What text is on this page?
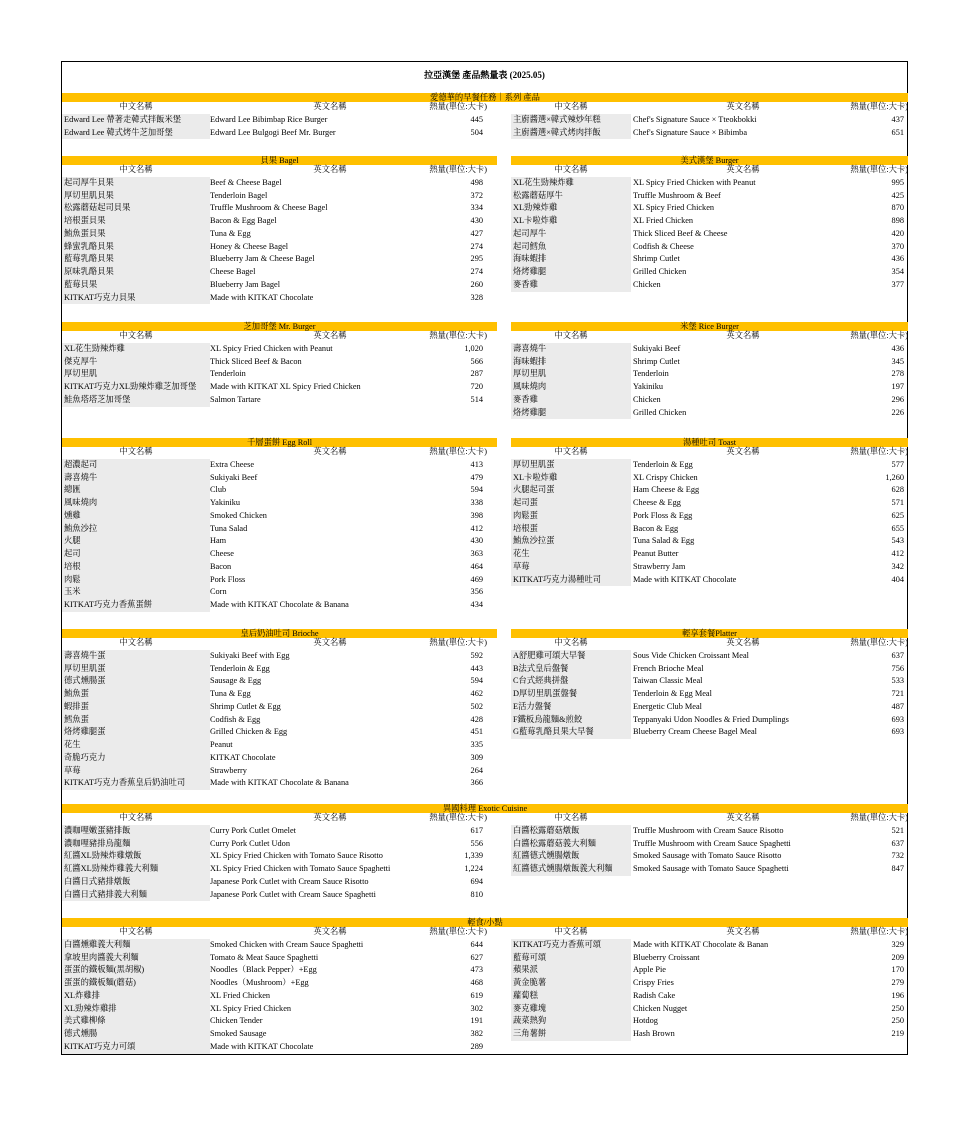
拉亞漢堡 產品熱量表 (2025.05)
愛德華的早餐任務｜系列 產品
中文名稱	英文名稱	熱量(單位:大卡)
Edward Lee 帶著走韓式拌飯米堡	Edward Lee Bibimbap Rice Burger	445
Edward Lee 韓式烤牛芝加哥堡	Edward Lee Bulgogi Beef Mr. Burger	504
中文名稱	英文名稱	熱量(單位:大卡)
主廚醬選×韓式辣炒年糕	Chef's Signature Sauce × Tteokbokki	437
主廚醬選×韓式烤肉拌飯	Chef's Signature Sauce × Bibimba	651
貝果 Bagel
中文名稱	英文名稱	熱量(單位:大卡)
起司厚牛貝果	Beef & Cheese Bagel	498
厚切里肌貝果	Tenderloin Bagel	372
松露蘑菇起司貝果	Truffle Mushroom & Cheese Bagel	334
培根蛋貝果	Bacon & Egg Bagel	430
鮪魚蛋貝果	Tuna & Egg	427
蜂蜜乳酪貝果	Honey & Cheese Bagel	274
藍莓乳酪貝果	Blueberry Jam & Cheese Bagel	295
原味乳酪貝果	Cheese Bagel	274
藍莓貝果	Blueberry Jam Bagel	260
KITKAT巧克力貝果	Made with KITKAT Chocolate	328
美式漢堡 Burger
中文名稱	英文名稱	熱量(單位:大卡)
XL花生勁辣炸雞	XL Spicy Fried Chicken with Peanut	995
松露蘑菇厚牛	Truffle Mushroom & Beef	425
XL勁辣炸雞	XL Spicy Fried Chicken	870
XL卡啦炸雞	XL Fried Chicken	898
起司厚牛	Thick Sliced Beef & Cheese	420
起司鱈魚	Codfish & Cheese	370
海味蝦排	Shrimp Cutlet	436
烙烤雞腿	Grilled Chicken	354
麥香雞	Chicken	377
芝加哥堡 Mr. Burger
中文名稱	英文名稱	熱量(單位:大卡)
XL花生勁辣炸雞	XL Spicy Fried Chicken with Peanut	1,020
傑克厚牛	Thick Sliced Beef & Bacon	566
厚切里肌	Tenderloin	287
KITKAT巧克力XL勁辣炸雞芝加哥堡	Made with KITKAT XL Spicy Fried Chicken	720
鮭魚塔塔芝加哥堡	Salmon Tartare	514
米堡 Rice Burger
中文名稱	英文名稱	熱量(單位:大卡)
壽喜燒牛	Sukiyaki Beef	436
海味蝦排	Shrimp Cutlet	345
厚切里肌	Tenderloin	278
風味燒肉	Yakiniku	197
麥香雞	Chicken	296
烙烤雞腿	Grilled Chicken	226
千層蛋餅 Egg Roll
中文名稱	英文名稱	熱量(單位:大卡)
超濃起司	Extra Cheese	413
壽喜燒牛	Sukiyaki Beef	479
總匯	Club	594
風味燒肉	Yakiniku	338
燻雞	Smoked Chicken	398
鮪魚沙拉	Tuna Salad	412
火腿	Ham	430
起司	Cheese	363
培根	Bacon	464
肉鬆	Pork Floss	469
玉米	Corn	356
KITKAT巧克力香蕉蛋餅	Made with KITKAT Chocolate & Banana	434
湯種吐司 Toast
中文名稱	英文名稱	熱量(單位:大卡)
厚切里肌蛋	Tenderloin & Egg	577
XL卡啦炸雞	XL Crispy Chicken	1,260
火腿起司蛋	Ham Cheese & Egg	628
起司蛋	Cheese & Egg	571
肉鬆蛋	Pork Floss & Egg	625
培根蛋	Bacon & Egg	655
鮪魚沙拉蛋	Tuna Salad & Egg	543
花生	Peanut Butter	412
草莓	Strawberry Jam	342
KITKAT巧克力湯種吐司	Made with KITKAT Chocolate	404
皇后奶油吐司 Brioche
中文名稱	英文名稱	熱量(單位:大卡)
壽喜燒牛蛋	Sukiyaki Beef with Egg	592
厚切里肌蛋	Tenderloin & Egg	443
德式燻腸蛋	Sausage & Egg	594
鮪魚蛋	Tuna & Egg	462
蝦排蛋	Shrimp Cutlet & Egg	502
鱈魚蛋	Codfish & Egg	428
烙烤雞腿蛋	Grilled Chicken & Egg	451
花生	Peanut	335
奇脆巧克力	KITKAT Chocolate	309
草莓	Strawberry	264
KITKAT巧克力香蕉皇后奶油吐司	Made with KITKAT Chocolate & Banana	366
輕享套餐Platter
中文名稱	英文名稱	熱量(單位:大卡)
A舒肥雞可頌大早餐	Sous Vide Chicken Croissant Meal	637
B法式皇后盤餐	French Brioche Meal	756
C台式經典拼盤	Taiwan Classic Meal	533
D厚切里肌蛋盤餐	Tenderloin & Egg Meal	721
E活力盤餐	Energetic Club Meal	487
F鐵板烏龍麵&煎餃	Teppanyaki Udon Noodles & Fried Dumplings	693
G藍莓乳酪貝果大早餐	Blueberry Cream Cheese Bagel Meal	693
異國料理 Exotic Cuisine
中文名稱	英文名稱	熱量(單位:大卡)
濃咖哩嫩蛋豬排飯	Curry Pork Cutlet Omelet	617
濃咖哩豬排烏龍麵	Curry Pork Cutlet Udon	556
紅醬XL勁辣炸雞燉飯	XL Spicy Fried Chicken with Tomato Sauce Risotto	1,339
紅醬XL勁辣炸雞義大利麵	XL Spicy Fried Chicken with Tomato Sauce Spaghetti	1,224
白醬日式豬排燉飯	Japanese Pork Cutlet with Cream Sauce Risotto	694
白醬日式豬排義大利麵	Japanese Pork Cutlet with Cream Sauce Spaghetti	810
中文名稱	英文名稱	熱量(單位:大卡)
白醬松露蘑菇燉飯	Truffle Mushroom with Cream Sauce Risotto	521
白醬松露蘑菇義大利麵	Truffle Mushroom with Cream Sauce Spaghetti	637
紅醬德式燻腸燉飯	Smoked Sausage with Tomato Sauce Risotto	732
紅醬德式燻腸燉飯義大利麵	Smoked Sausage with Tomato Sauce Spaghetti	847
輕食/小點
中文名稱	英文名稱	熱量(單位:大卡)
白醬燻雞義大利麵	Smoked Chicken with Cream Sauce Spaghetti	644
拿坡里肉醬義大利麵	Tomato & Meat Sauce Spaghetti	627
蛋蛋的鐵板麵(黑胡椒)	Noodles（Black Pepper）+Egg	473
蛋蛋的鐵板麵(蘑菇)	Noodles（Mushroom）+Egg	468
XL炸雞排	XL Fried Chicken	619
XL勁辣炸雞排	XL Spicy Fried Chicken	302
美式雞柳條	Chicken Tender	191
德式燻腸	Smoked Sausage	382
KITKAT巧克力可頌	Made with KITKAT Chocolate	289
中文名稱	英文名稱	熱量(單位:大卡)
KITKAT巧克力香蕉可頌	Made with KITKAT Chocolate & Banan	329
藍莓可頌	Blueberry Croissant	209
蘋果派	Apple Pie	170
黃金脆薯	Crispy Fries	279
蘿蔔糕	Radish Cake	196
麥克雞塊	Chicken Nugget	250
蔬菜熱狗	Hotdog	250
三角薯餅	Hash Brown	219
